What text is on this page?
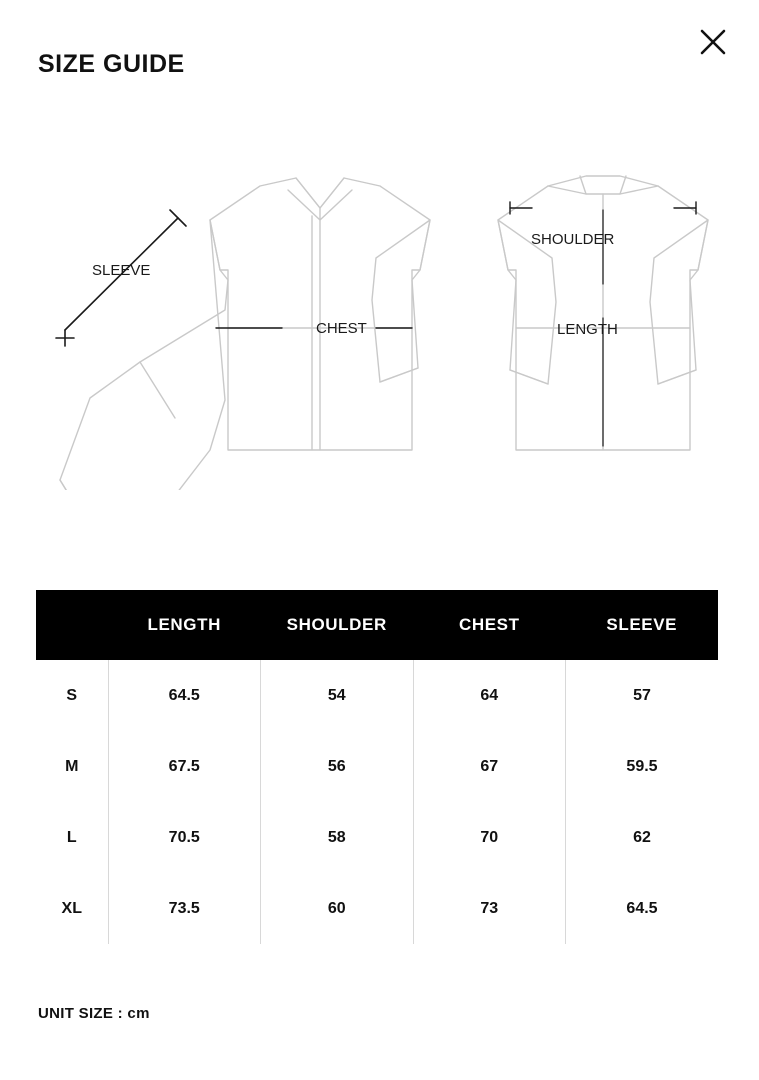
SIZE GUIDE
SLEEVE
CHEST
SHOULDER
LENGTH
	LENGTH	SHOULDER	CHEST	SLEEVE
S	64.5	54	64	57
M	67.5	56	67	59.5
L	70.5	58	70	62
XL	73.5	60	73	64.5
UNIT SIZE : cm
